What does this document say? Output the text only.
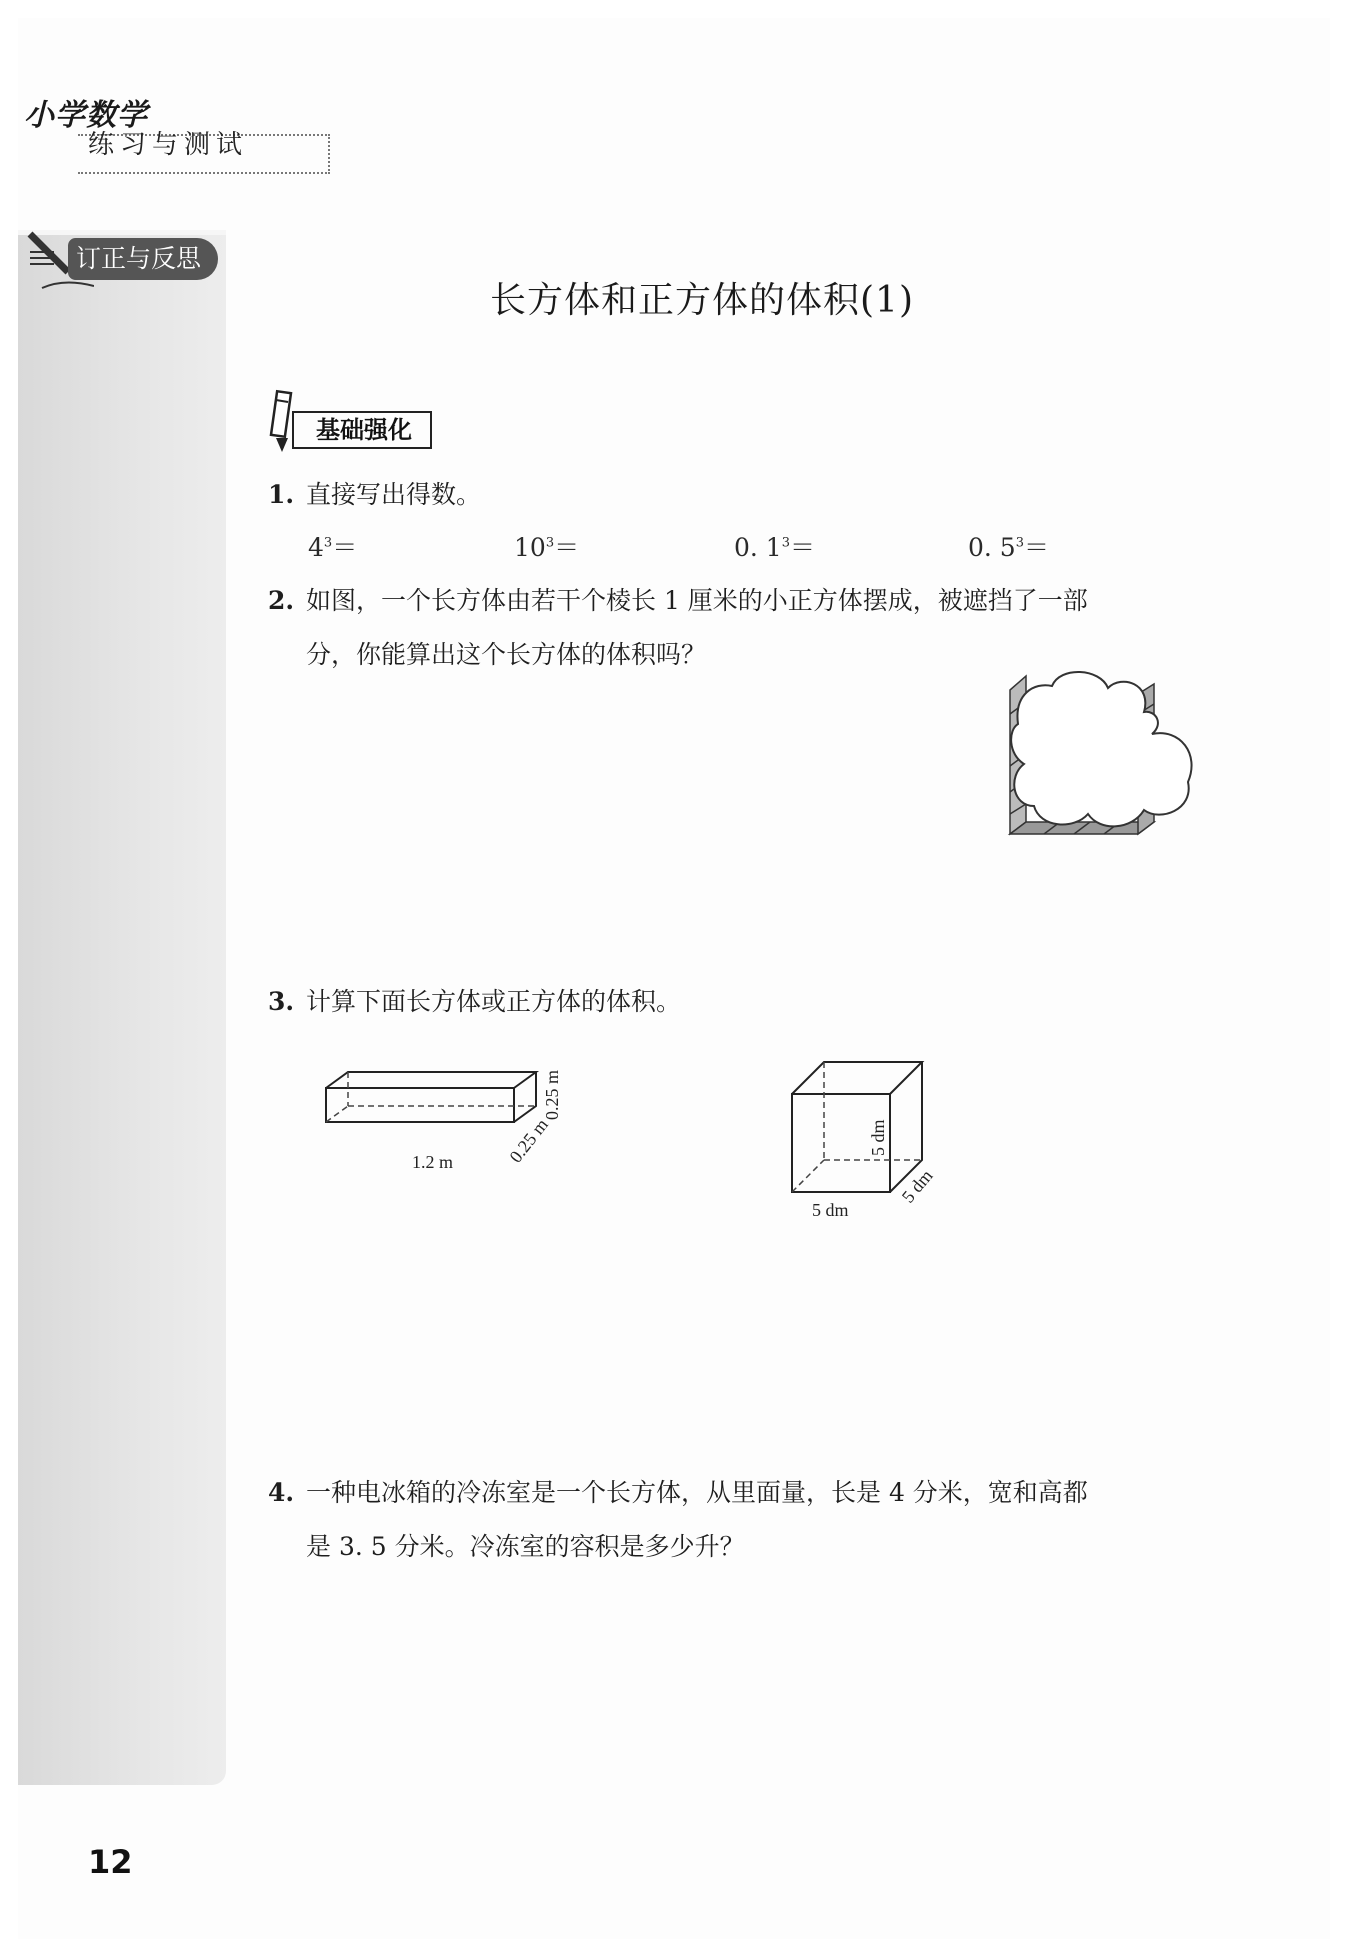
小学数学
练习与测试
订正与反思
长方体和正方体的体积(1)
基础强化
1. 直接写出得数。
$4^3=$	$10^3=$	0. $1^3=$	0. $5^3=$
2. 如图，一个长方体由若干个棱长 1 厘米的小正方体摆成，被遮挡了一部
分，你能算出这个长方体的体积吗？
3. 计算下面长方体或正方体的体积。
1.2 m
0.25 m
0.25 m	5 dm
5 dm
5 dm
4. 一种电冰箱的冷冻室是一个长方体，从里面量，长是 4 分米，宽和高都
是 3. 5 分米。冷冻室的容积是多少升？
12
